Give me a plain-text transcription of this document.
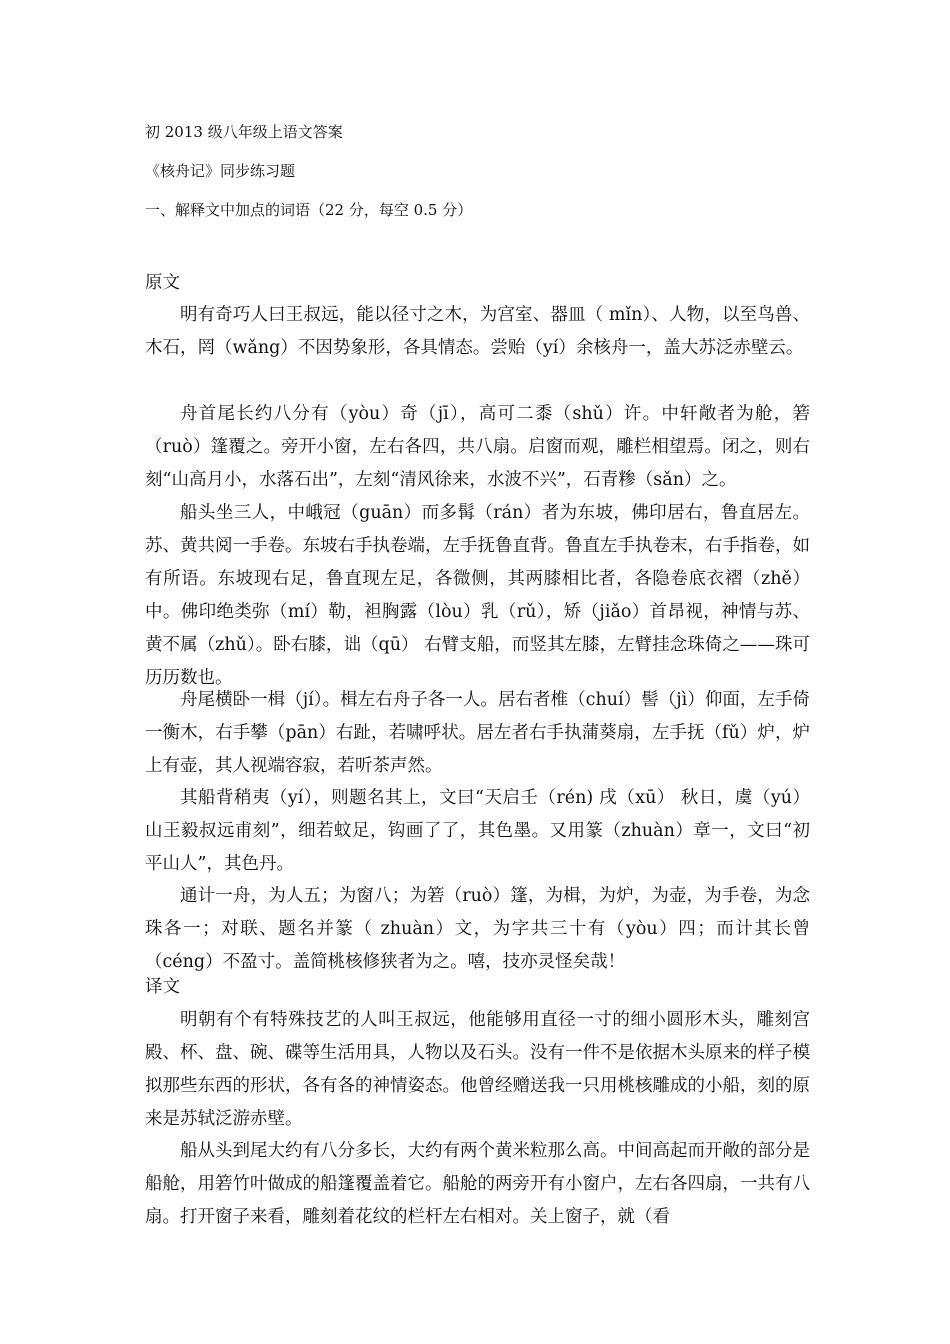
初 2013 级八年级上语文答案
《核舟记》同步练习题
一、解释文中加点的词语（22 分，每空 0.5 分）
原文

明有奇巧人曰王叔远，能以径寸之木，为宫室、器皿（ mǐn）、人物，以至鸟兽、木石，罔（wǎng）不因势象形，各具情态。尝贻（yí）余核舟一，盖大苏泛赤壁云。

舟首尾长约八分有（yòu）奇（jī），高可二黍（shǔ）许。中轩敞者为舱，箬（ruò）篷覆之。旁开小窗，左右各四，共八扇。启窗而观，雕栏相望焉。闭之，则右刻“山高月小，水落石出”，左刻“清风徐来，水波不兴”，石青糁（sǎn）之。

船头坐三人，中峨冠（guān）而多髯（rán）者为东坡，佛印居右，鲁直居左。苏、黄共阅一手卷。东坡右手执卷端，左手抚鲁直背。鲁直左手执卷末，右手指卷，如有所语。东坡现右足，鲁直现左足，各微侧，其两膝相比者，各隐卷底衣褶（zhě）中。佛印绝类弥（mí）勒，袒胸露（lòu）乳（rǔ），矫（jiǎo）首昂视，神情与苏、黄不属（zhǔ）。卧右膝，诎（qū） 右臂支船，而竖其左膝，左臂挂念珠倚之——珠可历历数也。

舟尾横卧一楫（jí）。楫左右舟子各一人。居右者椎（chuí）髻（jì）仰面，左手倚一衡木，右手攀（pān）右趾，若啸呼状。居左者右手执蒲葵扇，左手抚（fǔ）炉，炉上有壶，其人视端容寂，若听茶声然。

其船背稍夷（yí），则题名其上，文曰“天启壬（rén) 戌（xū） 秋日，虞（yú）山王毅叔远甫刻”，细若蚊足，钩画了了，其色墨。又用篆（zhuàn）章一，文曰“初平山人”，其色丹。

通计一舟，为人五；为窗八；为箬（ruò）篷，为楫，为炉，为壶，为手卷，为念珠各一；对联、题名并篆（ zhuàn）文，为字共三十有（yòu）四；而计其长曾（céng）不盈寸。盖简桃核修狭者为之。嘻，技亦灵怪矣哉！

译文

明朝有个有特殊技艺的人叫王叔远，他能够用直径一寸的细小圆形木头，雕刻宫殿、杯、盘、碗、碟等生活用具，人物以及石头。没有一件不是依据木头原来的样子模拟那些东西的形状，各有各的神情姿态。他曾经赠送我一只用桃核雕成的小船，刻的原来是苏轼泛游赤壁。

船从头到尾大约有八分多长，大约有两个黄米粒那么高。中间高起而开敞的部分是船舱，用箬竹叶做成的船篷覆盖着它。船舱的两旁开有小窗户，左右各四扇，一共有八扇。打开窗子来看，雕刻着花纹的栏杆左右相对。关上窗子，就（看
